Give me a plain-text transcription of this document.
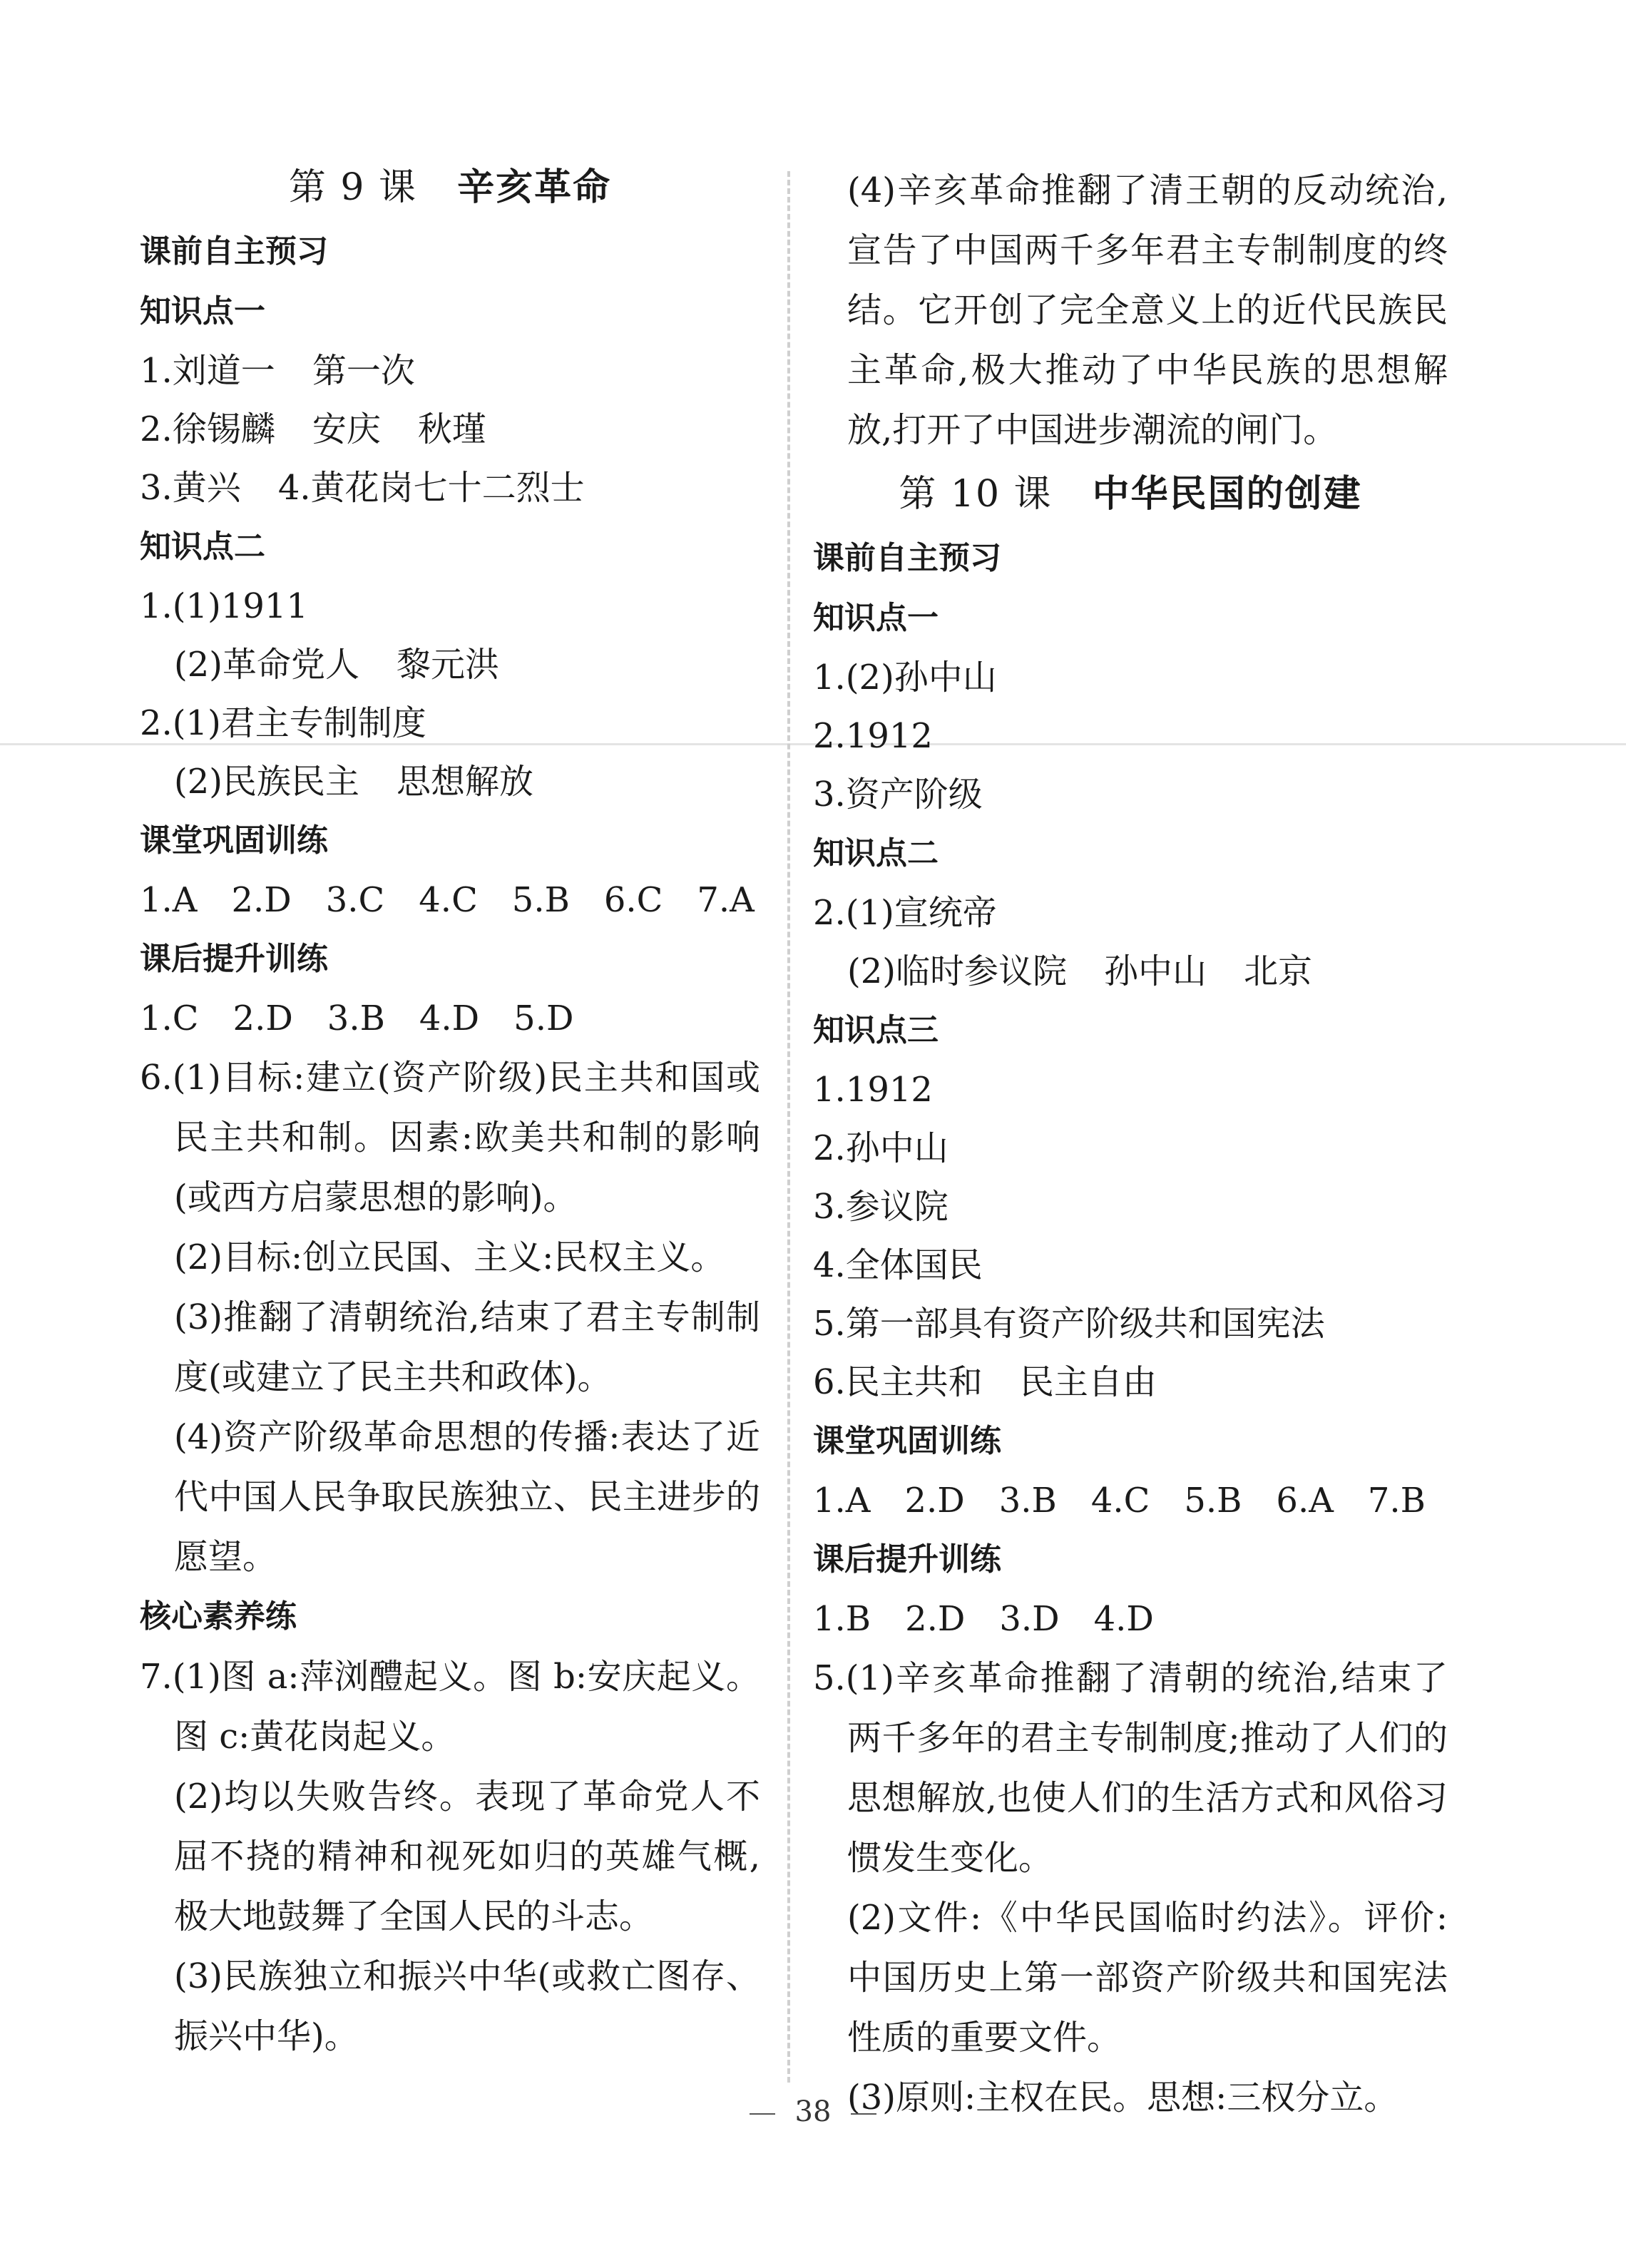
第 9 课 辛亥革命
课前自主预习
知识点一
1.刘道一 第一次
2.徐锡麟 安庆 秋瑾
3.黄兴 4.黄花岗七十二烈士
知识点二
1.(1)1911
(2)革命党人 黎元洪
2.(1)君主专制制度
(2)民族民主 思想解放
课堂巩固训练
1.A　2.D　3.C　4.C　5.B　6.C　7.A
课后提升训练
1.C　2.D　3.B　4.D　5.D
6.(1)目标:建立(资产阶级)民主共和国或民主共和制。因素:欧美共和制的影响(或西方启蒙思想的影响)。
(2)目标:创立民国、主义:民权主义。
(3)推翻了清朝统治,结束了君主专制制度(或建立了民主共和政体)。
(4)资产阶级革命思想的传播:表达了近代中国人民争取民族独立、民主进步的愿望。
核心素养练
7.(1)图 a:萍浏醴起义。图 b:安庆起义。图 c:黄花岗起义。
(2)均以失败告终。表现了革命党人不屈不挠的精神和视死如归的英雄气概,极大地鼓舞了全国人民的斗志。
(3)民族独立和振兴中华(或救亡图存、振兴中华)。
(4)辛亥革命推翻了清王朝的反动统治,宣告了中国两千多年君主专制制度的终结。它开创了完全意义上的近代民族民主革命,极大推动了中华民族的思想解放,打开了中国进步潮流的闸门。
第 10 课 中华民国的创建
课前自主预习
知识点一
1.(2)孙中山
2.1912
3.资产阶级
知识点二
2.(1)宣统帝
(2)临时参议院 孙中山 北京
知识点三
1.1912
2.孙中山
3.参议院
4.全体国民
5.第一部具有资产阶级共和国宪法
6.民主共和 民主自由
课堂巩固训练
1.A　2.D　3.B　4.C　5.B　6.A　7.B
课后提升训练
1.B　2.D　3.D　4.D
5.(1)辛亥革命推翻了清朝的统治,结束了两千多年的君主专制制度;推动了人们的思想解放,也使人们的生活方式和风俗习惯发生变化。
(2)文件:《中华民国临时约法》。评价:中国历史上第一部资产阶级共和国宪法性质的重要文件。
(3)原则:主权在民。思想:三权分立。
38
